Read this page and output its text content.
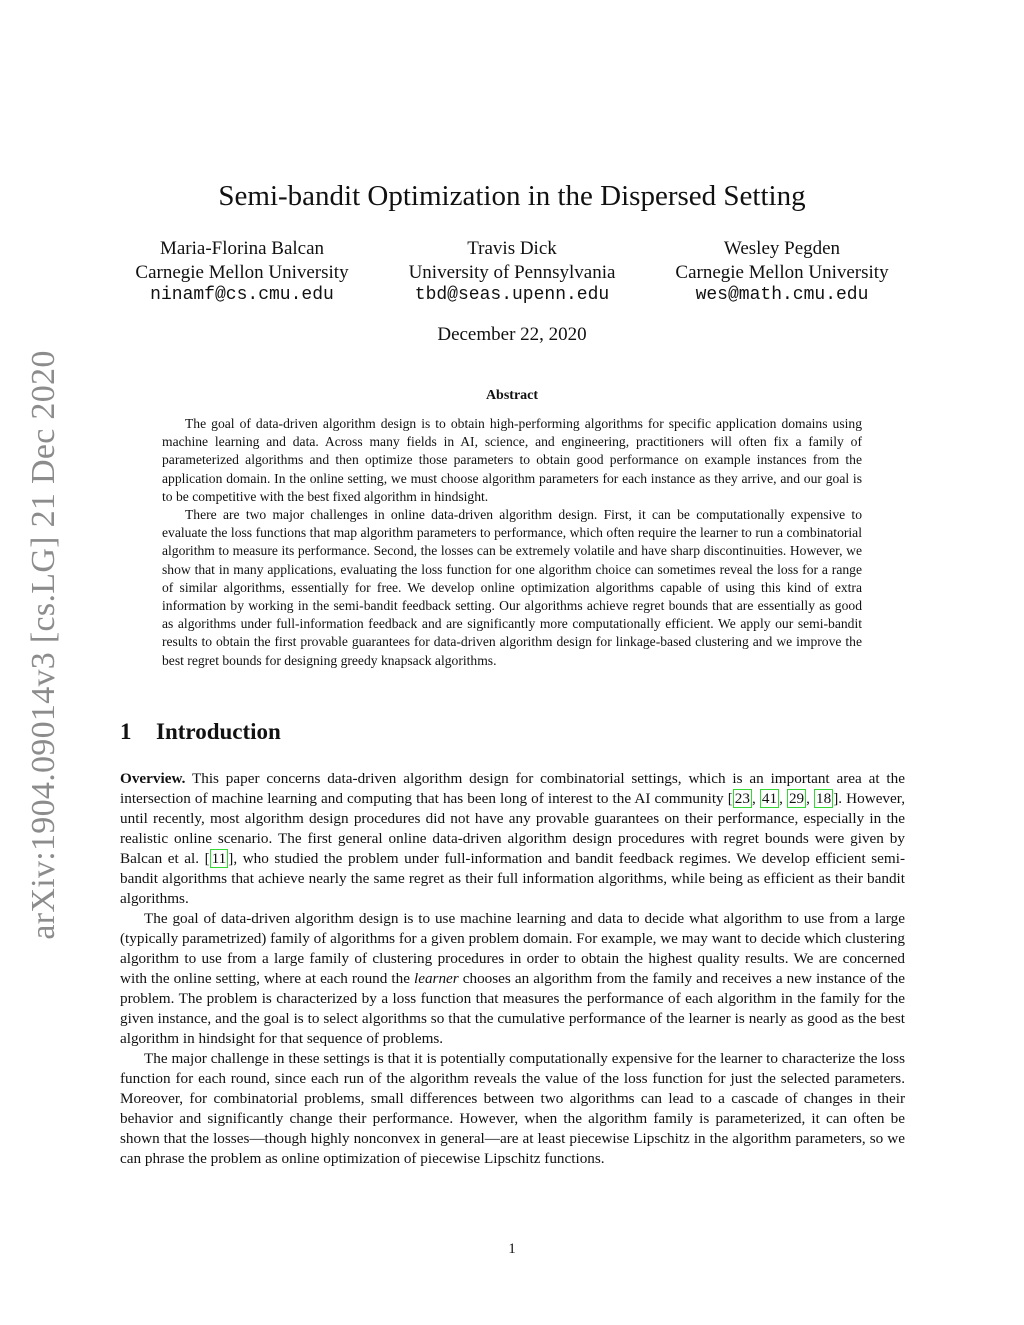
arXiv:1904.09014v3 [cs.LG] 21 Dec 2020
Semi-bandit Optimization in the Dispersed Setting
Maria-Florina Balcan
Carnegie Mellon University
ninamf@cs.cmu.edu
Travis Dick
University of Pennsylvania
tbd@seas.upenn.edu
Wesley Pegden
Carnegie Mellon University
wes@math.cmu.edu
December 22, 2020
Abstract

The goal of data-driven algorithm design is to obtain high-performing algorithms for specific application domains using machine learning and data. Across many fields in AI, science, and engineering, practitioners will often fix a family of parameterized algorithms and then optimize those parameters to obtain good performance on example instances from the application domain. In the online setting, we must choose algorithm parameters for each instance as they arrive, and our goal is to be competitive with the best fixed algorithm in hindsight.

There are two major challenges in online data-driven algorithm design. First, it can be computationally expensive to evaluate the loss functions that map algorithm parameters to performance, which often require the learner to run a combinatorial algorithm to measure its performance. Second, the losses can be extremely volatile and have sharp discontinuities. However, we show that in many applications, evaluating the loss function for one algorithm choice can sometimes reveal the loss for a range of similar algorithms, essentially for free. We develop online optimization algorithms capable of using this kind of extra information by working in the semi-bandit feedback setting. Our algorithms achieve regret bounds that are essentially as good as algorithms under full-information feedback and are significantly more computationally efficient. We apply our semi-bandit results to obtain the first provable guarantees for data-driven algorithm design for linkage-based clustering and we improve the best regret bounds for designing greedy knapsack algorithms.

1 Introduction

Overview. This paper concerns data-driven algorithm design for combinatorial settings, which is an important area at the intersection of machine learning and computing that has been long of interest to the AI community [ 23 , 41 , 29 , 18 ]. However, until recently, most algorithm design procedures did not have any provable guarantees on their performance, especially in the realistic online scenario. The first general online data-driven algorithm design procedures with regret bounds were given by Balcan et al. [ 11 ], who studied the problem under full-information and bandit feedback regimes. We develop efficient semi-bandit algorithms that achieve nearly the same regret as their full information algorithms, while being as efficient as their bandit algorithms.

The goal of data-driven algorithm design is to use machine learning and data to decide what algorithm to use from a large (typically parametrized) family of algorithms for a given problem domain. For example, we may want to decide which clustering algorithm to use from a large family of clustering procedures in order to obtain the highest quality results. We are concerned with the online setting, where at each round the learner chooses an algorithm from the family and receives a new instance of the problem. The problem is characterized by a loss function that measures the performance of each algorithm in the family for the given instance, and the goal is to select algorithms so that the cumulative performance of the learner is nearly as good as the best algorithm in hindsight for that sequence of problems.

The major challenge in these settings is that it is potentially computationally expensive for the learner to characterize the loss function for each round, since each run of the algorithm reveals the value of the loss function for just the selected parameters. Moreover, for combinatorial problems, small differences between two algorithms can lead to a cascade of changes in their behavior and significantly change their performance. However, when the algorithm family is parameterized, it can often be shown that the losses—though highly nonconvex in general—are at least piecewise Lipschitz in the algorithm parameters, so we can phrase the problem as online optimization of piecewise Lipschitz functions.

1
